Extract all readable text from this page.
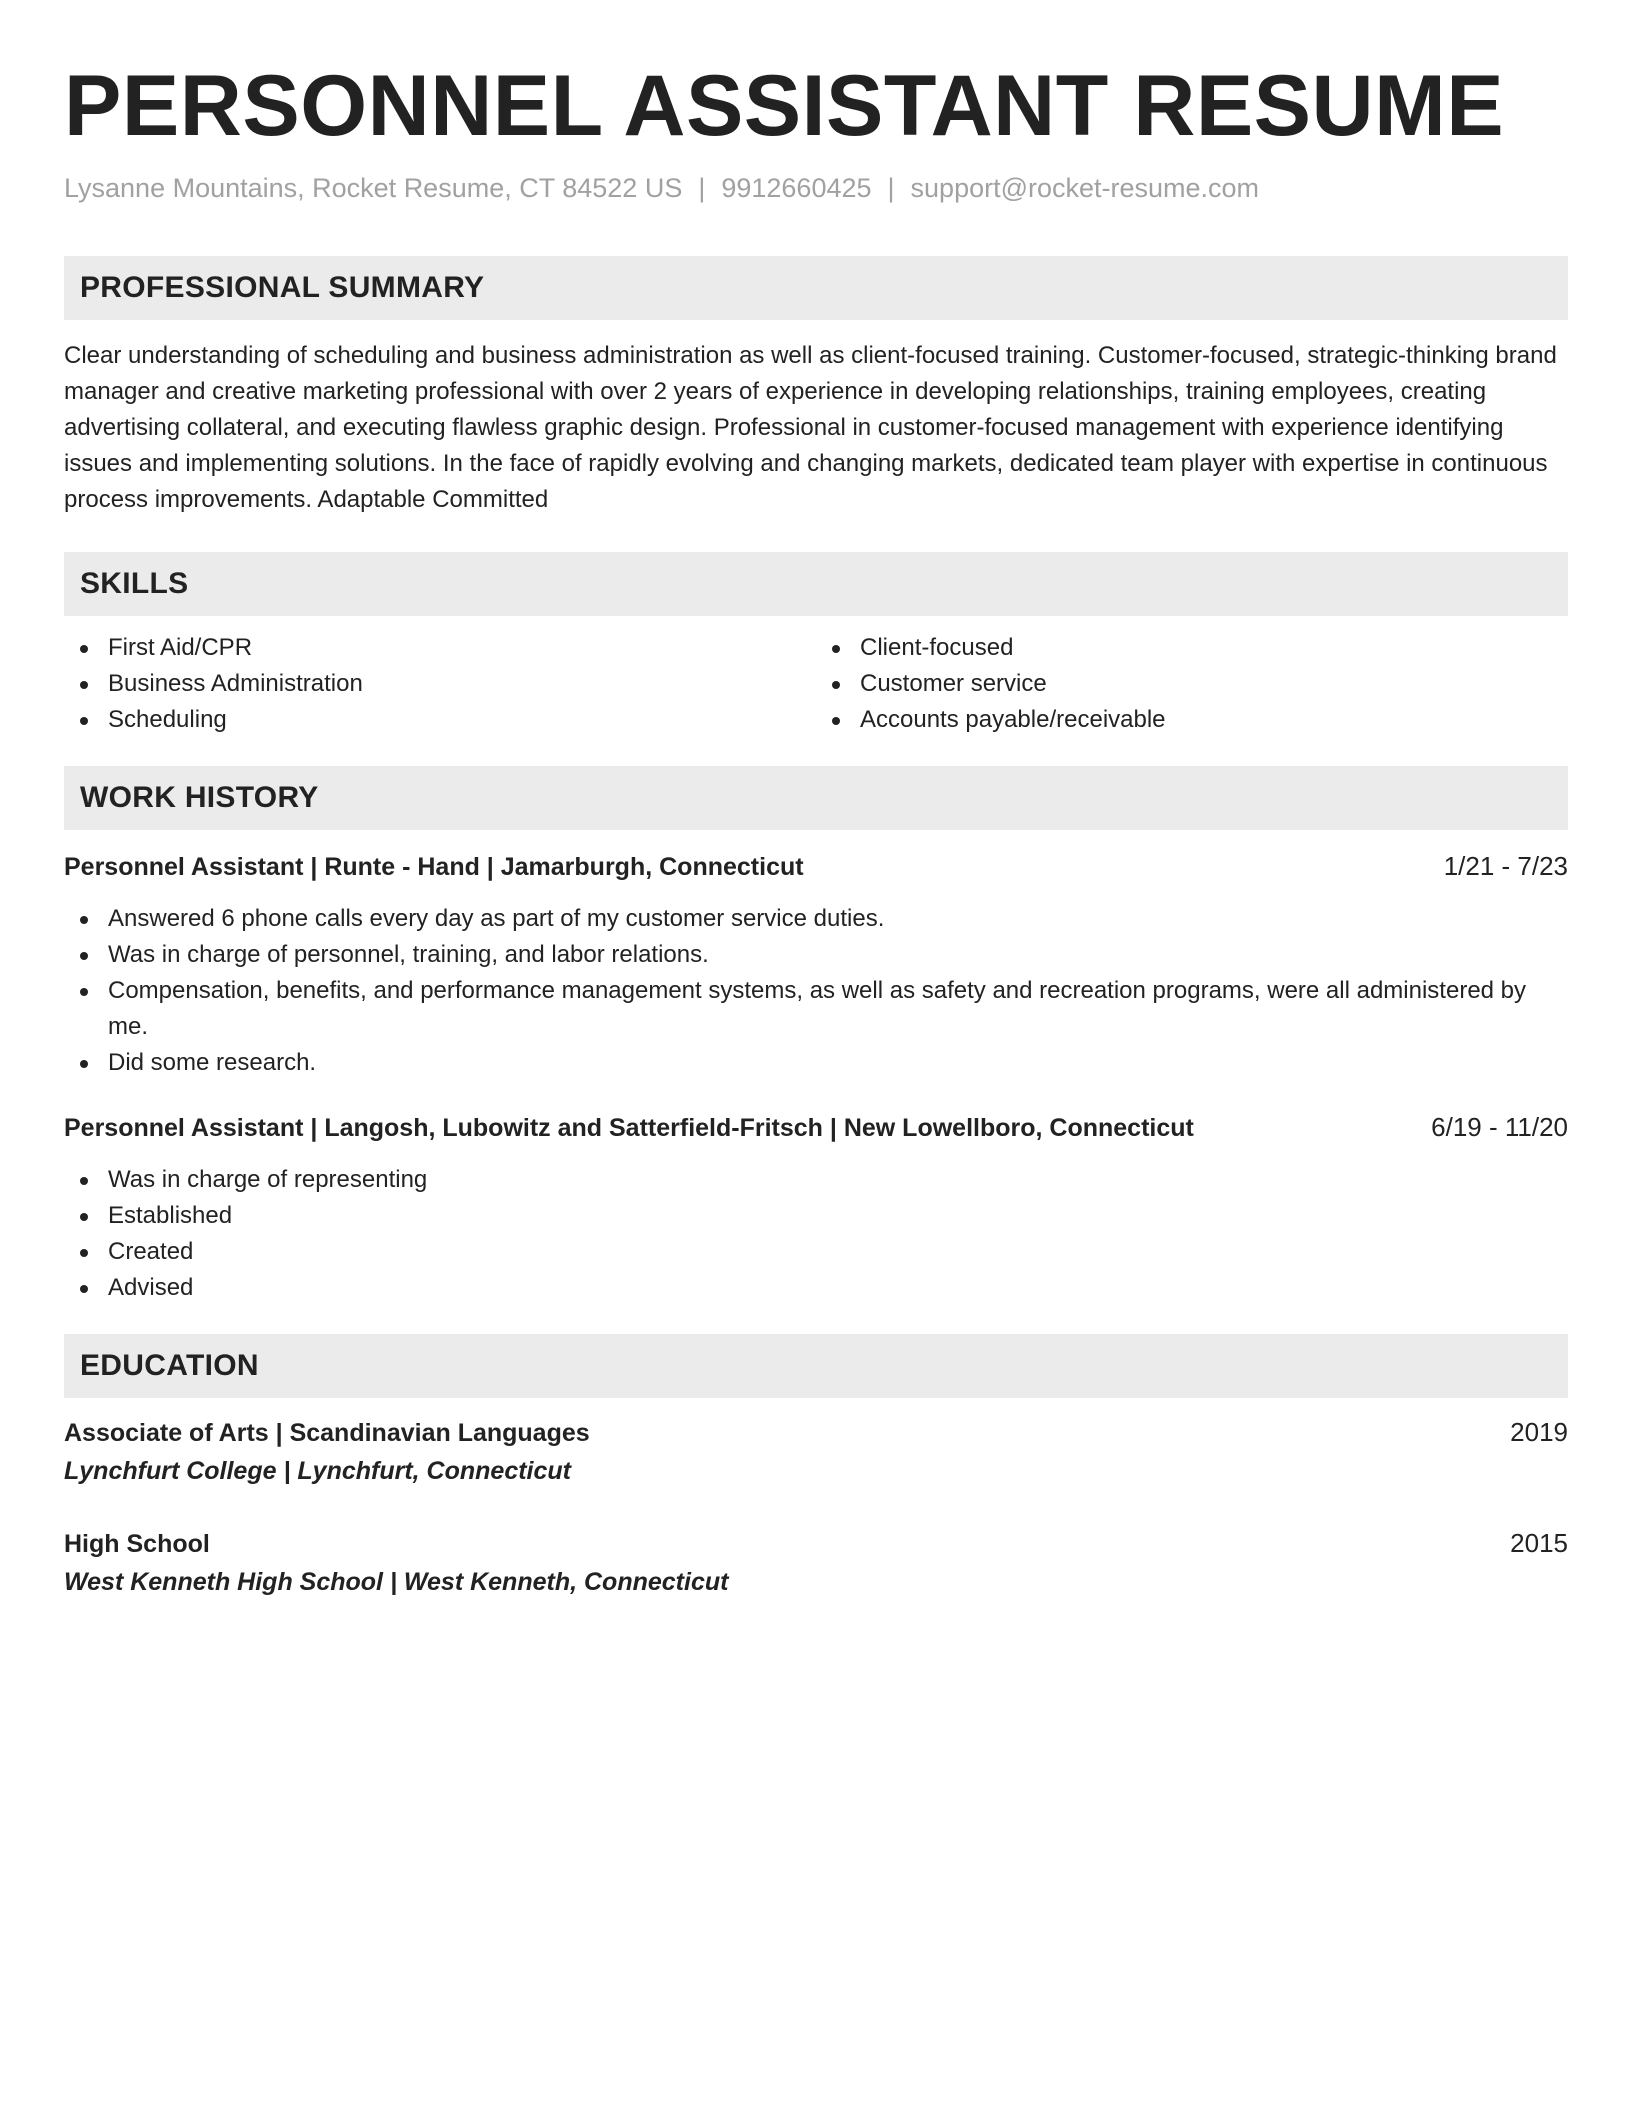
PERSONNEL ASSISTANT RESUME
Lysanne Mountains, Rocket Resume, CT 84522 US | 9912660425 | support@rocket-resume.com
PROFESSIONAL SUMMARY

Clear understanding of scheduling and business administration as well as client-focused training. Customer-focused, strategic-thinking brand manager and creative marketing professional with over 2 years of experience in developing relationships, training employees, creating advertising collateral, and executing flawless graphic design. Professional in customer-focused management with experience identifying issues and implementing solutions. In the face of rapidly evolving and changing markets, dedicated team player with expertise in continuous process improvements. Adaptable Committed

SKILLS
First Aid/CPR
Business Administration
Scheduling
Client-focused
Customer service
Accounts payable/receivable
WORK HISTORY
Personnel Assistant | Runte - Hand | Jamarburgh, Connecticut	1/21 - 7/23
Answered 6 phone calls every day as part of my customer service duties.
Was in charge of personnel, training, and labor relations.
Compensation, benefits, and performance management systems, as well as safety and recreation programs, were all administered by me.
Did some research.
Personnel Assistant | Langosh, Lubowitz and Satterfield-Fritsch | New Lowellboro, Connecticut	6/19 - 11/20
Was in charge of representing
Established
Created
Advised
EDUCATION
Associate of Arts | Scandinavian Languages	2019
Lynchfurt College | Lynchfurt, Connecticut
High School	2015
West Kenneth High School | West Kenneth, Connecticut
